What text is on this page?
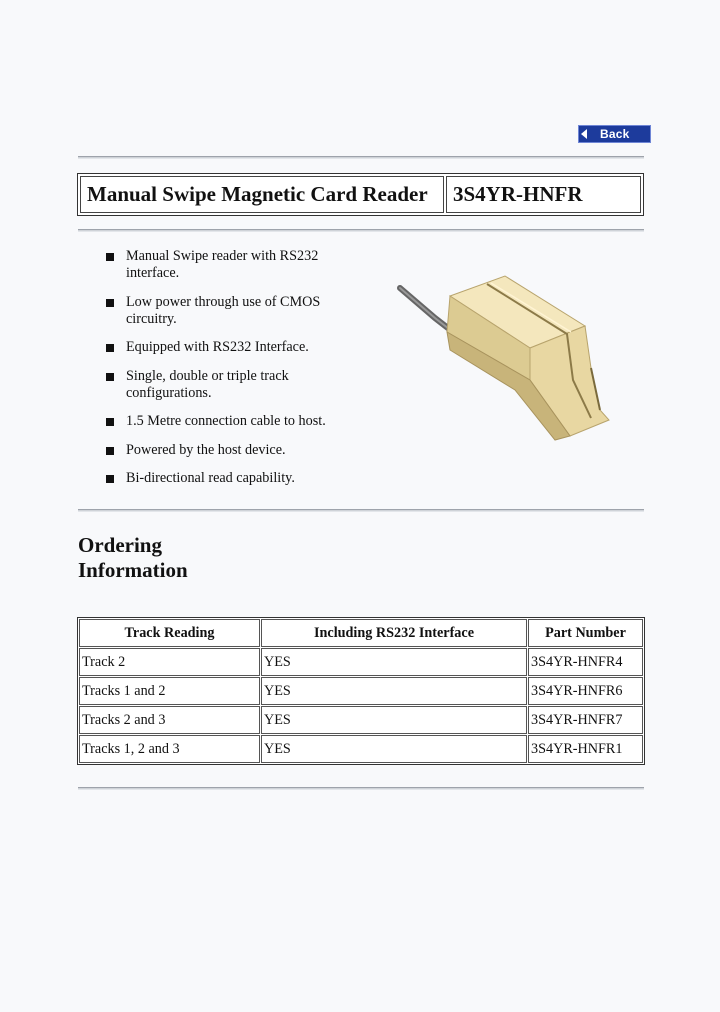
Back
Manual Swipe Magnetic Card Reader	3S4YR-HNFR
Manual Swipe reader with RS232 interface.
Low power through use of CMOS circuitry.
Equipped with RS232 Interface.
Single, double or triple track configurations.
1.5 Metre connection cable to host.
Powered by the host device.
Bi-directional read capability.
Ordering
Information
Track Reading	Including RS232 Interface	Part Number
Track 2	YES	3S4YR-HNFR4
Tracks 1 and 2	YES	3S4YR-HNFR6
Tracks 2 and 3	YES	3S4YR-HNFR7
Tracks 1, 2 and 3	YES	3S4YR-HNFR1
